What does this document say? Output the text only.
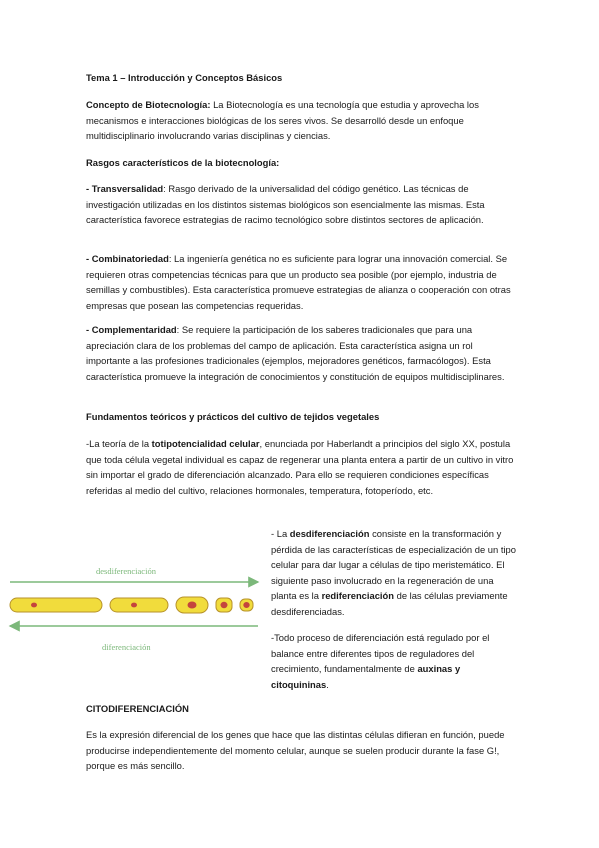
Tema 1 – Introducción y Conceptos Básicos
Concepto de Biotecnología: La Biotecnología es una tecnología que estudia y aprovecha los mecanismos e interacciones biológicas de los seres vivos. Se desarrolló desde un enfoque multidisciplinario involucrando varias disciplinas y ciencias.
Rasgos característicos de la biotecnología:
- Transversalidad: Rasgo derivado de la universalidad del código genético. Las técnicas de investigación utilizadas en los distintos sistemas biológicos son esencialmente las mismas. Esta característica favorece estrategias de racimo tecnológico sobre distintos sectores de aplicación.
- Combinatoriedad: La ingeniería genética no es suficiente para lograr una innovación comercial. Se requieren otras competencias técnicas para que un producto sea posible (por ejemplo, industria de semillas y combustibles). Esta característica promueve estrategias de alianza o cooperación con otras empresas que posean las competencias requeridas.
- Complementaridad: Se requiere la participación de los saberes tradicionales que para una apreciación clara de los problemas del campo de aplicación. Esta característica asigna un rol importante a las profesiones tradicionales (ejemplos, mejoradores genéticos, farmacólogos). Esta característica promueve la integración de conocimientos y constitución de equipos multidisciplinares.
Fundamentos teóricos y prácticos del cultivo de tejidos vegetales
-La teoría de la totipotencialidad celular, enunciada por Haberlandt a principios del siglo XX, postula que toda célula vegetal individual es capaz de regenerar una planta entera a partir de un cultivo in vitro sin importar el grado de diferenciación alcanzado. Para ello se requieren condiciones específicas referidas al medio del cultivo, relaciones hormonales, temperatura, fotoperíodo, etc.
desdiferenciación
diferenciación
- La desdiferenciación consiste en la transformación y pérdida de las características de especialización de un tipo celular para dar lugar a células de tipo meristemático. El siguiente paso involucrado en la regeneración de una planta es la rediferenciación de las células previamente desdiferenciadas.
-Todo proceso de diferenciación está regulado por el balance entre diferentes tipos de reguladores del crecimiento, fundamentalmente de auxinas y citoquininas.
CITODIFERENCIACIÓN
Es la expresión diferencial de los genes que hace que las distintas células difieran en función, puede producirse independientemente del momento celular, aunque se suelen producir durante la fase G!, porque es más sencillo.
